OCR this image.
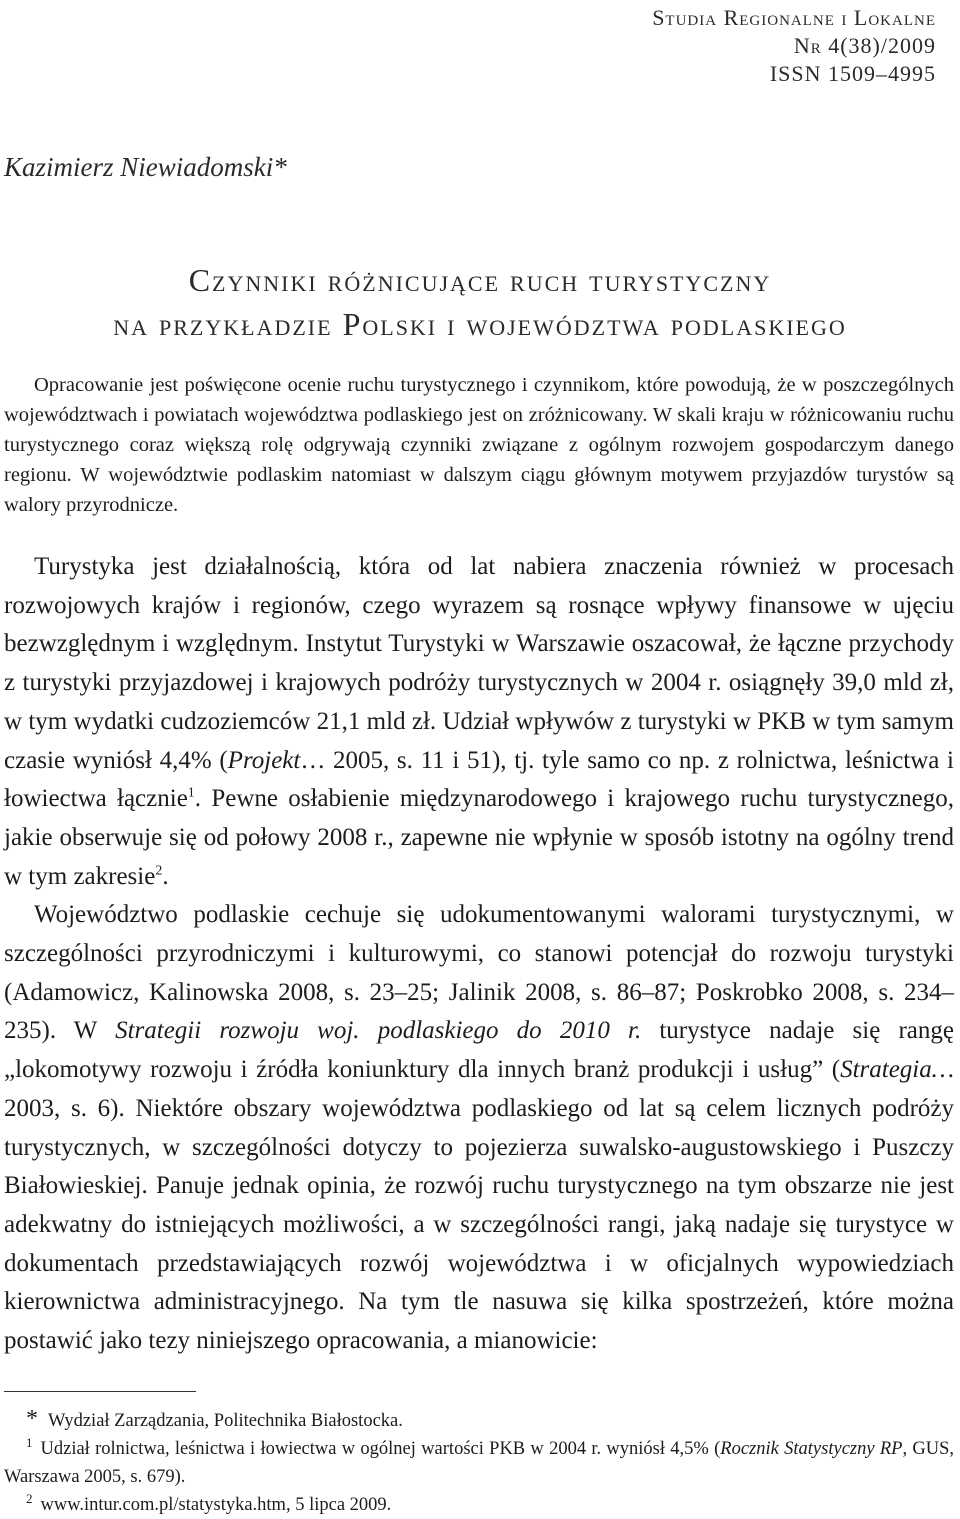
Studia Regionalne i Lokalne
Nr 4(38)/2009
ISSN 1509–4995
Kazimierz Niewiadomski*
Czynniki różnicujące ruch turystyczny
na przykładzie Polski i województwa podlaskiego
Opracowanie jest poświęcone ocenie ruchu turystycznego i czynnikom, które powodują, że w poszczególnych województwach i powiatach województwa podlaskiego jest on zróżnicowany. W skali kraju w różnicowaniu ruchu turystycznego coraz większą rolę odgrywają czynniki związane z ogólnym rozwojem gospodarczym danego regionu. W województwie podlaskim natomiast w dalszym ciągu głównym motywem przyjazdów turystów są walory przyrodnicze.

Turystyka jest działalnością, która od lat nabiera znaczenia również w procesach rozwojowych krajów i regionów, czego wyrazem są rosnące wpływy finansowe w ujęciu bezwzględnym i względnym. Instytut Turystyki w Warszawie oszacował, że łączne przychody z turystyki przyjazdowej i krajowych podróży turystycznych w 2004 r. osiągnęły 39,0 mld zł, w tym wydatki cudzoziemców 21,1 mld zł. Udział wpływów z turystyki w PKB w tym samym czasie wyniósł 4,4% (Projekt… 2005, s. 11 i 51), tj. tyle samo co np. z rolnictwa, leśnictwa i łowiectwa łącznie$^1$. Pewne osłabienie międzynarodowego i krajowego ruchu turystycznego, jakie obserwuje się od połowy 2008 r., zapewne nie wpłynie w sposób istotny na ogólny trend w tym zakresie$^2$.

Województwo podlaskie cechuje się udokumentowanymi walorami turystycznymi, w szczególności przyrodniczymi i kulturowymi, co stanowi potencjał do rozwoju turystyki (Adamowicz, Kalinowska 2008, s. 23–25; Jalinik 2008, s. 86–87; Poskrobko 2008, s. 234–235). W Strategii rozwoju woj. podlaskiego do 2010 r. turystyce nadaje się rangę „lokomotywy rozwoju i źródła koniunktury dla innych branż produkcji i usług” (Strategia… 2003, s. 6). Niektóre obszary województwa podlaskiego od lat są celem licznych podróży turystycznych, w szczególności dotyczy to pojezierza suwalsko-augustowskiego i Puszczy Białowieskiej. Panuje jednak opinia, że rozwój ruchu turystycznego na tym obszarze nie jest adekwatny do istniejących możliwości, a w szczególności rangi, jaką nadaje się turystyce w dokumentach przedstawiających rozwój województwa i w oficjalnych wypowiedziach kierownictwa administracyjnego. Na tym tle nasuwa się kilka spostrzeżeń, które można postawić jako tezy niniejszego opracowania, a mianowicie:

* Wydział Zarządzania, Politechnika Białostocka.

$^1$ Udział rolnictwa, leśnictwa i łowiectwa w ogólnej wartości PKB w 2004 r. wyniósł 4,5% (Rocznik Statystyczny RP, GUS, Warszawa 2005, s. 679).

$^2$ www.intur.com.pl/statystyka.htm, 5 lipca 2009.
